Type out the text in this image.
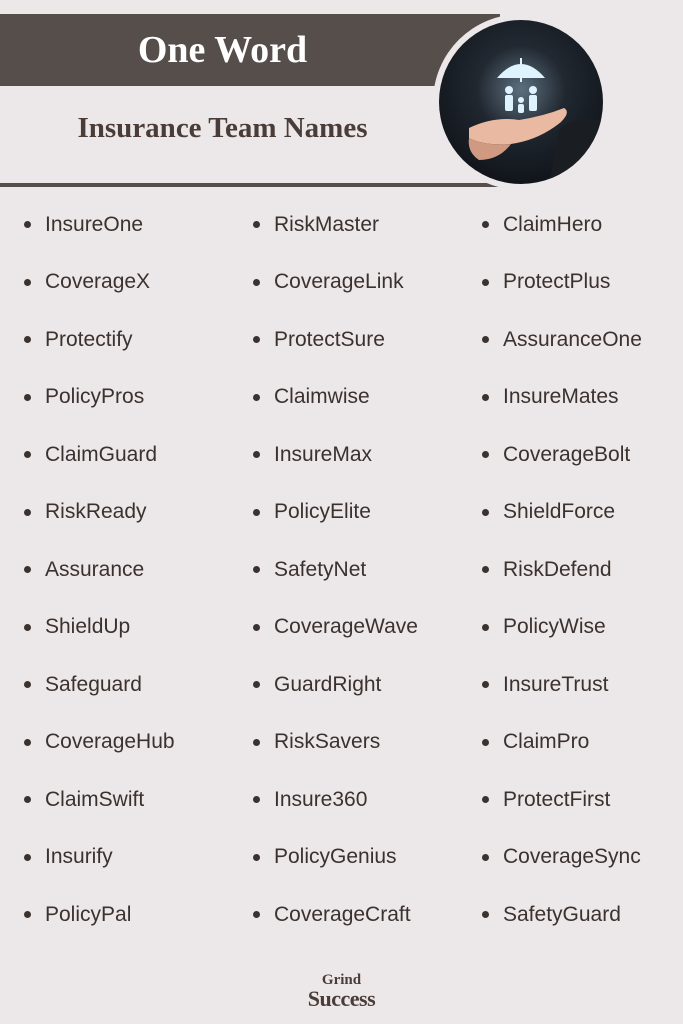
One Word
Insurance Team Names
InsureOne
CoverageX
Protectify
PolicyPros
ClaimGuard
RiskReady
Assurance
ShieldUp
Safeguard
CoverageHub
ClaimSwift
Insurify
PolicyPal
RiskMaster
CoverageLink
ProtectSure
Claimwise
InsureMax
PolicyElite
SafetyNet
CoverageWave
GuardRight
RiskSavers
Insure360
PolicyGenius
CoverageCraft
ClaimHero
ProtectPlus
AssuranceOne
InsureMates
CoverageBolt
ShieldForce
RiskDefend
PolicyWise
InsureTrust
ClaimPro
ProtectFirst
CoverageSync
SafetyGuard
Grind
Success
